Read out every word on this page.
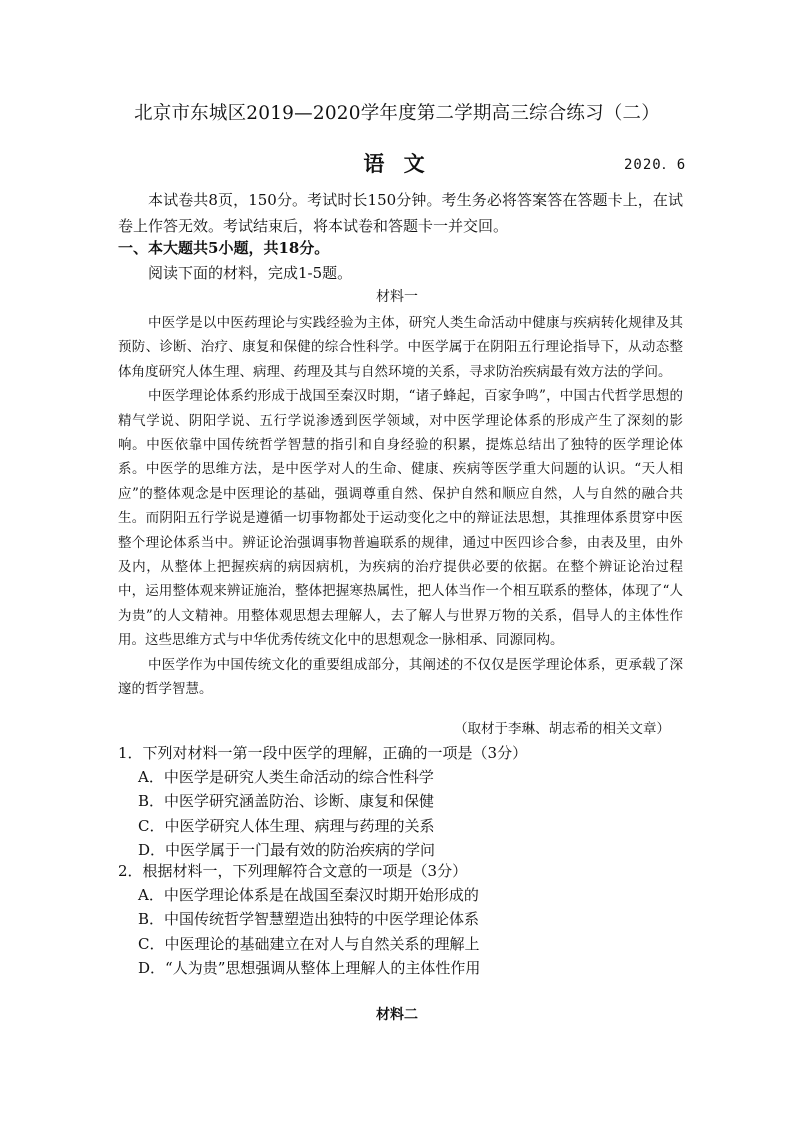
北京市东城区2019—2020学年度第二学期高三综合练习（二）
语 文	2020．6
本试卷共8页，150分。考试时长150分钟。考生务必将答案答在答题卡上，在试卷上作答无效。考试结束后，将本试卷和答题卡一并交回。
一、本大题共5小题，共18分。
阅读下面的材料，完成1-5题。
材料一

中医学是以中医药理论与实践经验为主体，研究人类生命活动中健康与疾病转化规律及其预防、诊断、治疗、康复和保健的综合性科学。中医学属于在阴阳五行理论指导下，从动态整体角度研究人体生理、病理、药理及其与自然环境的关系，寻求防治疾病最有效方法的学问。

中医学理论体系约形成于战国至秦汉时期，“诸子蜂起，百家争鸣”，中国古代哲学思想的精气学说、阴阳学说、五行学说渗透到医学领域，对中医学理论体系的形成产生了深刻的影响。中医依靠中国传统哲学智慧的指引和自身经验的积累，提炼总结出了独特的医学理论体系。中医学的思维方法，是中医学对人的生命、健康、疾病等医学重大问题的认识。“天人相应”的整体观念是中医理论的基础，强调尊重自然、保护自然和顺应自然，人与自然的融合共生。而阴阳五行学说是遵循一切事物都处于运动变化之中的辩证法思想，其推理体系贯穿中医整个理论体系当中。辨证论治强调事物普遍联系的规律，通过中医四诊合参，由表及里，由外及内，从整体上把握疾病的病因病机，为疾病的治疗提供必要的依据。在整个辨证论治过程中，运用整体观来辨证施治，整体把握寒热属性，把人体当作一个相互联系的整体，体现了“人为贵”的人文精神。用整体观思想去理解人，去了解人与世界万物的关系，倡导人的主体性作用。这些思维方式与中华优秀传统文化中的思想观念一脉相承、同源同构。

中医学作为中国传统文化的重要组成部分，其阐述的不仅仅是医学理论体系，更承载了深邃的哲学智慧。

（取材于李琳、胡志希的相关文章）
1．下列对材料一第一段中医学的理解，正确的一项是（3分）
A．中医学是研究人类生命活动的综合性科学
B．中医学研究涵盖防治、诊断、康复和保健
C．中医学研究人体生理、病理与药理的关系
D．中医学属于一门最有效的防治疾病的学问
2．根据材料一，下列理解符合文意的一项是（3分）
A．中医学理论体系是在战国至秦汉时期开始形成的
B．中国传统哲学智慧塑造出独特的中医学理论体系
C．中医理论的基础建立在对人与自然关系的理解上
D．“人为贵”思想强调从整体上理解人的主体性作用
材料二
